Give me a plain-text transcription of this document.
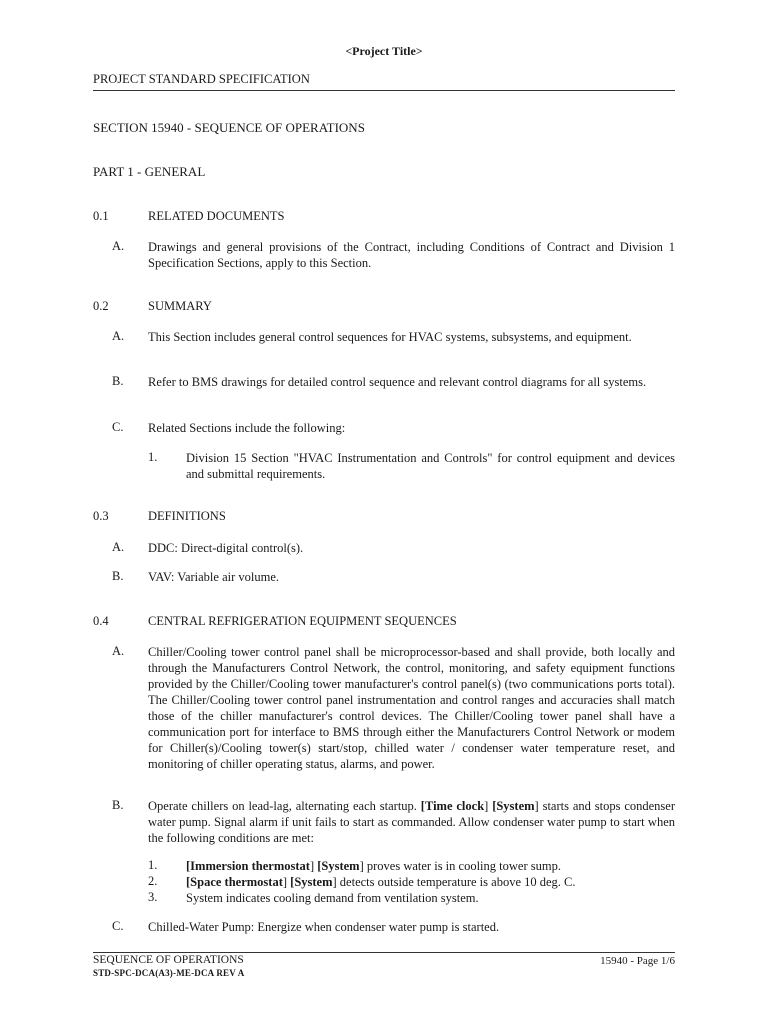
<Project Title>
PROJECT STANDARD SPECIFICATION
SECTION 15940 - SEQUENCE OF OPERATIONS
PART 1 - GENERAL
0.1	RELATED DOCUMENTS
A. Drawings and general provisions of the Contract, including Conditions of Contract and Division 1 Specification Sections, apply to this Section.
0.2	SUMMARY
A. This Section includes general control sequences for HVAC systems, subsystems, and equipment.
B. Refer to BMS drawings for detailed control sequence and relevant control diagrams for all systems.
C. Related Sections include the following:
1. Division 15 Section "HVAC Instrumentation and Controls" for control equipment and devices and submittal requirements.
0.3	DEFINITIONS
A. DDC: Direct-digital control(s).
B. VAV: Variable air volume.
0.4	CENTRAL REFRIGERATION EQUIPMENT SEQUENCES
A. Chiller/Cooling tower control panel shall be microprocessor-based and shall provide, both locally and through the Manufacturers Control Network, the control, monitoring, and safety equipment functions provided by the Chiller/Cooling tower manufacturer's control panel(s) (two communications ports total). The Chiller/Cooling tower control panel instrumentation and control ranges and accuracies shall match those of the chiller manufacturer's control devices. The Chiller/Cooling tower panel shall have a communication port for interface to BMS through either the Manufacturers Control Network or modem for Chiller(s)/Cooling tower(s) start/stop, chilled water / condenser water temperature reset, and monitoring of chiller operating status, alarms, and power.
B. Operate chillers on lead-lag, alternating each startup. [Time clock] [System] starts and stops condenser water pump. Signal alarm if unit fails to start as commanded. Allow condenser water pump to start when the following conditions are met:
1. [Immersion thermostat] [System] proves water is in cooling tower sump.
2. [Space thermostat] [System] detects outside temperature is above 10 deg. C.
3. System indicates cooling demand from ventilation system.
C. Chilled-Water Pump: Energize when condenser water pump is started.
SEQUENCE OF OPERATIONS	15940 - Page 1/6
STD-SPC-DCA(A3)-ME-DCA REV A
